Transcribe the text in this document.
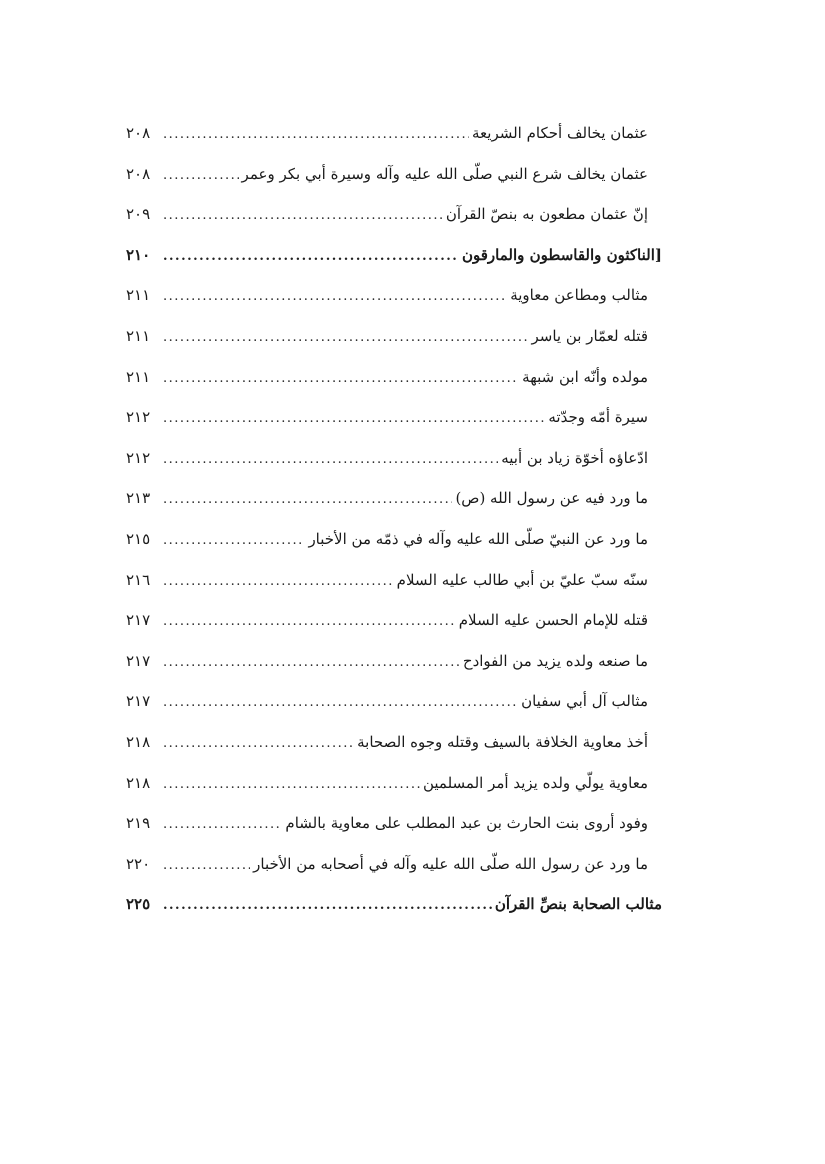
عثمان يخالف أحكام الشريعة
.....
٢٠٨
عثمان يخالف شرع النبي صلّى الله عليه وآله وسيرة أبي بكر وعمر
.....
٢٠٨
إنّ عثمان مطعون به بنصّ القرآن
.....
٢٠٩
[الناكثون والقاسطون والمارقون
.....
٢١٠
مثالب ومطاعن معاوية
.....
٢١١
قتله لعمّار بن ياسر
.....
٢١١
مولده وأنّه ابن شبهة
.....
٢١١
سيرة أمّه وجدّته
.....
٢١٢
ادّعاؤه أخوّة زياد بن أبيه
.....
٢١٢
ما ورد فيه عن رسول الله (ص)
.....
٢١٣
ما ورد عن النبيّ صلّى الله عليه وآله في ذمّه من الأخبار
.....
٢١٥
سنّه سبّ عليّ بن أبي طالب عليه السلام
.....
٢١٦
قتله للإمام الحسن عليه السلام
.....
٢١٧
ما صنعه ولده يزيد من الفوادح
.....
٢١٧
مثالب آل أبي سفيان
.....
٢١٧
أخذ معاوية الخلافة بالسيف وقتله وجوه الصحابة
.....
٢١٨
معاوية يولّي ولده يزيد أمر المسلمين
.....
٢١٨
وفود أروى بنت الحارث بن عبد المطلب على معاوية بالشام
.....
٢١٩
ما ورد عن رسول الله صلّى الله عليه وآله في أصحابه من الأخبار
.....
٢٢٠
مثالب الصحابة بنصِّ القرآن
.....
٢٢٥
